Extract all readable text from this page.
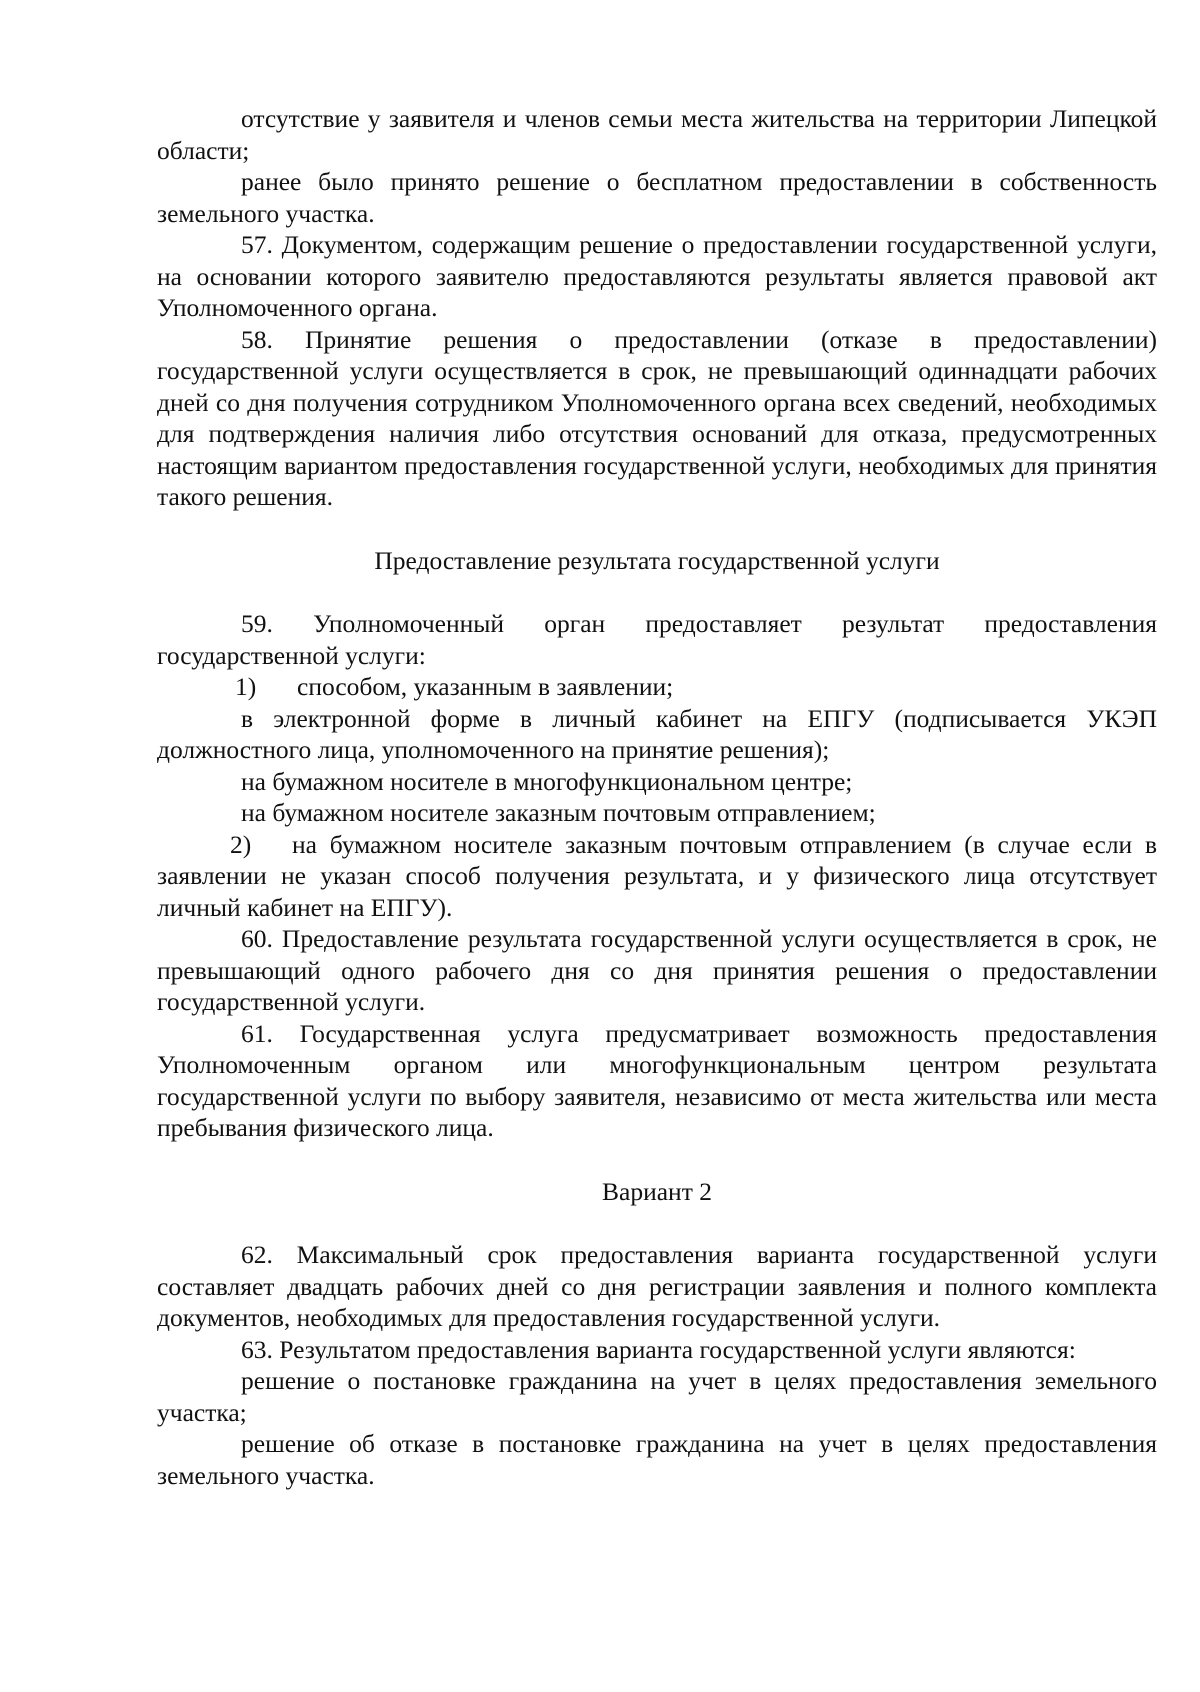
отсутствие у заявителя и членов семьи места жительства на территории Липецкой области;

ранее было принято решение о бесплатном предоставлении в собственность земельного участка.

57. Документом, содержащим решение о предоставлении государственной услуги, на основании которого заявителю предоставляются результаты является правовой акт Уполномоченного органа.

58. Принятие решения о предоставлении (отказе в предоставлении) государственной услуги осуществляется в срок, не превышающий одиннадцати рабочих дней со дня получения сотрудником Уполномоченного органа всех сведений, необходимых для подтверждения наличия либо отсутствия оснований для отказа, предусмотренных настоящим вариантом предоставления государственной услуги, необходимых для принятия такого решения.

Предоставление результата государственной услуги

59. Уполномоченный орган предоставляет результат предоставления государственной услуги:

1) способом, указанным в заявлении;

в электронной форме в личный кабинет на ЕПГУ (подписывается УКЭП должностного лица, уполномоченного на принятие решения);

на бумажном носителе в многофункциональном центре;

на бумажном носителе заказным почтовым отправлением;

2) на бумажном носителе заказным почтовым отправлением (в случае если в заявлении не указан способ получения результата, и у физического лица отсутствует личный кабинет на ЕПГУ).

60. Предоставление результата государственной услуги осуществляется в срок, не превышающий одного рабочего дня со дня принятия решения о предоставлении государственной услуги.

61. Государственная услуга предусматривает возможность предоставления Уполномоченным органом или многофункциональным центром результата государственной услуги по выбору заявителя, независимо от места жительства или места пребывания физического лица.

Вариант 2

62. Максимальный срок предоставления варианта государственной услуги составляет двадцать рабочих дней со дня регистрации заявления и полного комплекта документов, необходимых для предоставления государственной услуги.

63. Результатом предоставления варианта государственной услуги являются:

решение о постановке гражданина на учет в целях предоставления земельного участка;

решение об отказе в постановке гражданина на учет в целях предоставления земельного участка.
